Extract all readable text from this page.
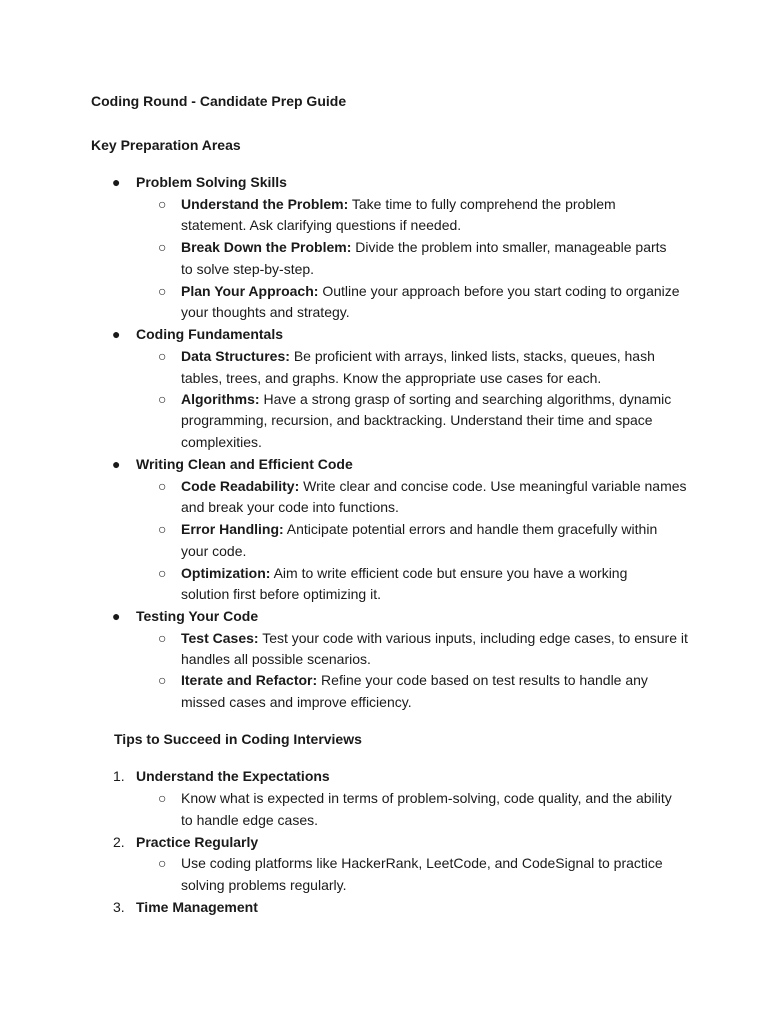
Coding Round - Candidate Prep Guide
Key Preparation Areas
● Problem Solving Skills
○ Understand the Problem: Take time to fully comprehend the problem
statement. Ask clarifying questions if needed.
○ Break Down the Problem: Divide the problem into smaller, manageable parts
to solve step-by-step.
○ Plan Your Approach: Outline your approach before you start coding to organize
your thoughts and strategy.
● Coding Fundamentals
○ Data Structures: Be proficient with arrays, linked lists, stacks, queues, hash
tables, trees, and graphs. Know the appropriate use cases for each.
○ Algorithms: Have a strong grasp of sorting and searching algorithms, dynamic
programming, recursion, and backtracking. Understand their time and space
complexities.
● Writing Clean and Efficient Code
○ Code Readability: Write clear and concise code. Use meaningful variable names
and break your code into functions.
○ Error Handling: Anticipate potential errors and handle them gracefully within
your code.
○ Optimization: Aim to write efficient code but ensure you have a working
solution first before optimizing it.
● Testing Your Code
○ Test Cases: Test your code with various inputs, including edge cases, to ensure it
handles all possible scenarios.
○ Iterate and Refactor: Refine your code based on test results to handle any
missed cases and improve efficiency.
Tips to Succeed in Coding Interviews
1. Understand the Expectations
○ Know what is expected in terms of problem-solving, code quality, and the ability
to handle edge cases.
2. Practice Regularly
○ Use coding platforms like HackerRank, LeetCode, and CodeSignal to practice
solving problems regularly.
3. Time Management
